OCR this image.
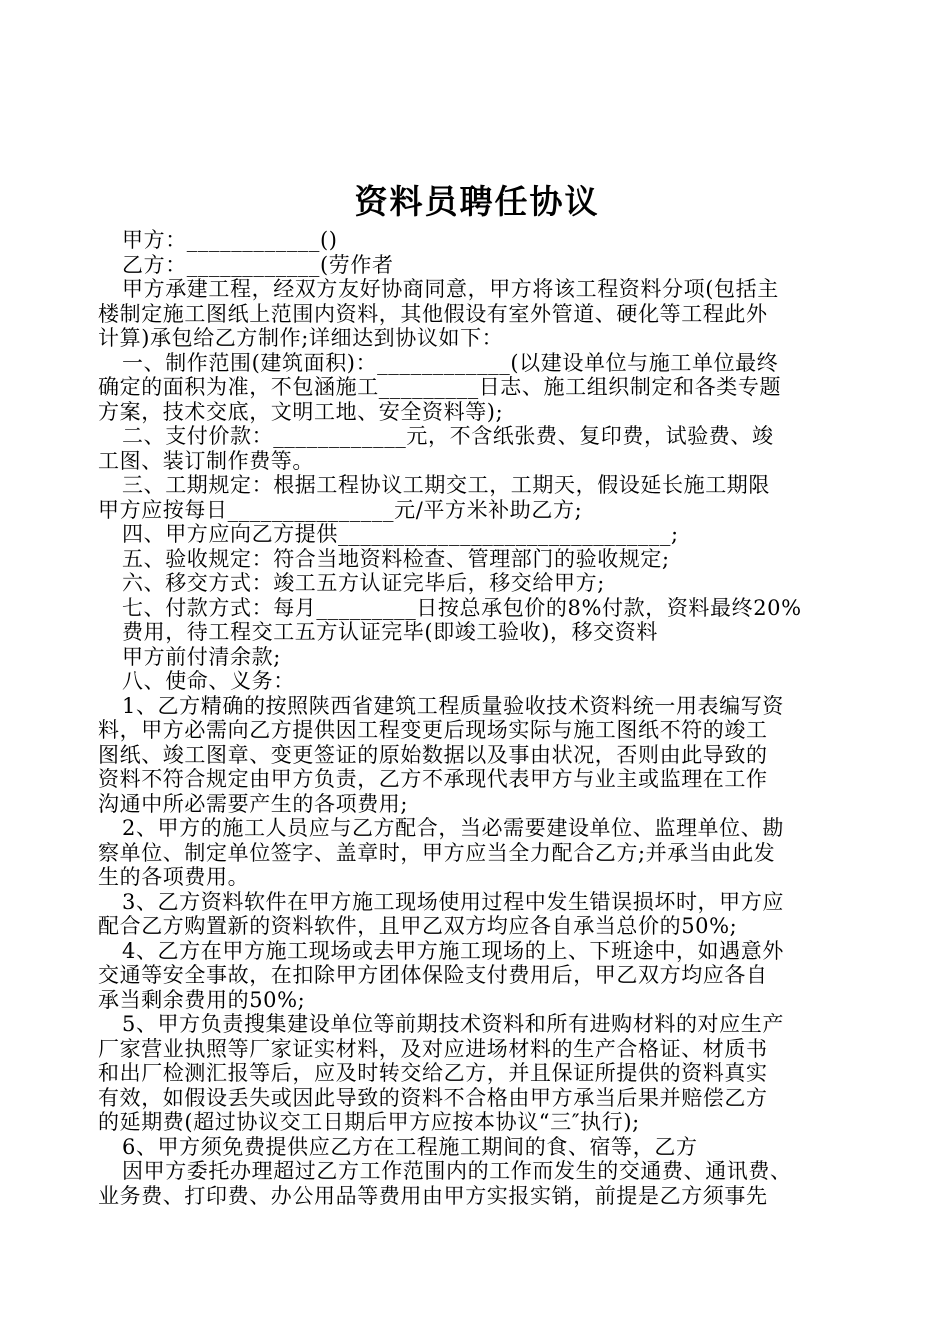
资料员聘任协议
甲方：____________()
乙方：____________(劳作者
甲方承建工程，经双方友好协商同意，甲方将该工程资料分项(包括主
楼制定施工图纸上范围内资料，其他假设有室外管道、硬化等工程此外
计算)承包给乙方制作;详细达到协议如下：
一、制作范围(建筑面积)：____________(以建设单位与施工单位最终
确定的面积为准，不包涵施工_________日志、施工组织制定和各类专题
方案，技术交底，文明工地、安全资料等);
二、支付价款：____________元，不含纸张费、复印费，试验费、竣
工图、装订制作费等。
三、工期规定：根据工程协议工期交工，工期天，假设延长施工期限
甲方应按每日_______________元/平方米补助乙方;
四、甲方应向乙方提供______________________________;
五、验收规定：符合当地资料检查、管理部门的验收规定;
六、移交方式：竣工五方认证完毕后，移交给甲方;
七、付款方式：每月_________日按总承包价的8%付款，资料最终20%
费用，待工程交工五方认证完毕(即竣工验收)，移交资料
甲方前付清余款;
八、使命、义务：
1、乙方精确的按照陕西省建筑工程质量验收技术资料统一用表编写资
料，甲方必需向乙方提供因工程变更后现场实际与施工图纸不符的竣工
图纸、竣工图章、变更签证的原始数据以及事由状况，否则由此导致的
资料不符合规定由甲方负责，乙方不承现代表甲方与业主或监理在工作
沟通中所必需要产生的各项费用;
2、甲方的施工人员应与乙方配合，当必需要建设单位、监理单位、勘
察单位、制定单位签字、盖章时，甲方应当全力配合乙方;并承当由此发
生的各项费用。
3、乙方资料软件在甲方施工现场使用过程中发生错误损坏时，甲方应
配合乙方购置新的资料软件，且甲乙双方均应各自承当总价的50%;
4、乙方在甲方施工现场或去甲方施工现场的上、下班途中，如遇意外
交通等安全事故，在扣除甲方团体保险支付费用后，甲乙双方均应各自
承当剩余费用的50%;
5、甲方负责搜集建设单位等前期技术资料和所有进购材料的对应生产
厂家营业执照等厂家证实材料，及对应进场材料的生产合格证、材质书
和出厂检测汇报等后，应及时转交给乙方，并且保证所提供的资料真实
有效，如假设丢失或因此导致的资料不合格由甲方承当后果并赔偿乙方
的延期费(超过协议交工日期后甲方应按本协议“三″执行);
6、甲方须免费提供应乙方在工程施工期间的食、宿等，乙方
因甲方委托办理超过乙方工作范围内的工作而发生的交通费、通讯费、
业务费、打印费、办公用品等费用由甲方实报实销，前提是乙方须事先
